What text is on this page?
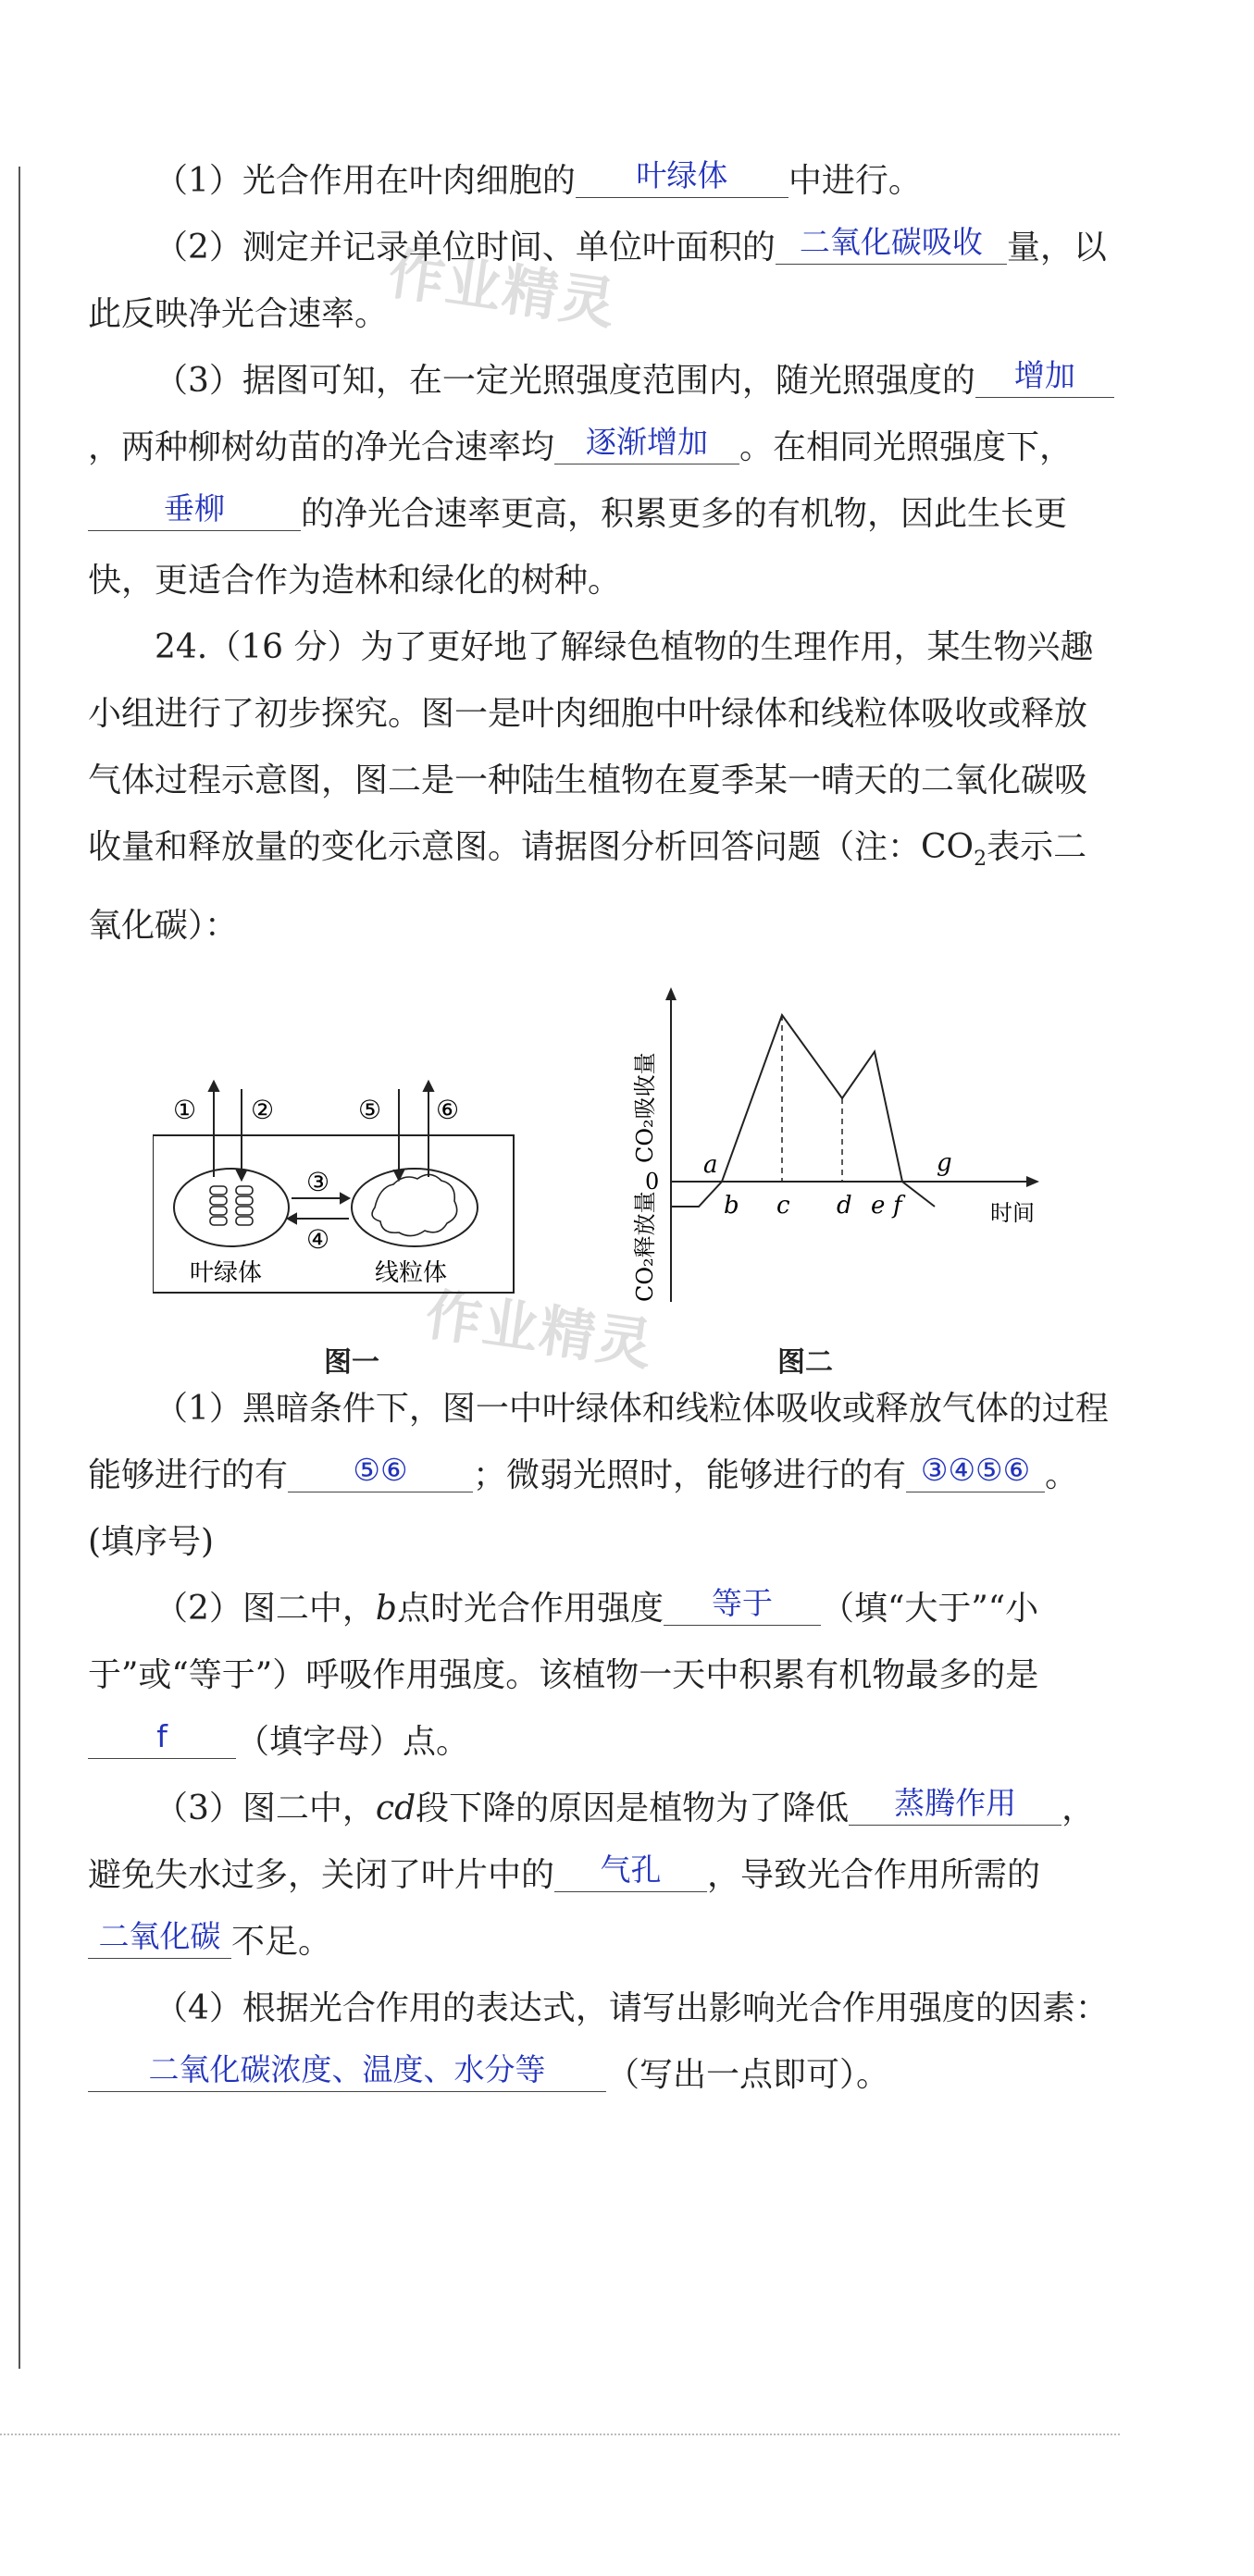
作业精灵
作业精灵

（1）光合作用在叶肉细胞的 叶绿体 中进行。

（2）测定并记录单位时间、单位叶面积的 二氧化碳吸收 量，以此反映净光合速率。

（3）据图可知，在一定光照强度范围内，随光照强度的 增加，两种柳树幼苗的净光合速率均 逐渐增加 。在相同光照强度下，垂柳 的净光合速率更高，积累更多的有机物，因此生长更快，更适合作为造林和绿化的树种。

24.（16 分）为了更好地了解绿色植物的生理作用，某生物兴趣小组进行了初步探究。图一是叶肉细胞中叶绿体和线粒体吸收或释放气体过程示意图，图二是一种陆生植物在夏季某一晴天的二氧化碳吸收量和释放量的变化示意图。请据图分析回答问题（注：$CO_2$表示二氧化碳）：

① ②
③
④
⑤ ⑥
叶绿体	线粒体
图一
CO₂吸收量
CO₂释放量
0
时间
a
b c d e f
g
图二

（1）黑暗条件下，图一中叶绿体和线粒体吸收或释放气体的过程能够进行的有 ⑤⑥ ；微弱光照时，能够进行的有 ③④⑤⑥ 。(填序号)

（2）图二中，b点时光合作用强度 等于 （填“大于”“小于”或“等于”）呼吸作用强度。该植物一天中积累有机物最多的是f （填字母）点。

（3）图二中，cd段下降的原因是植物为了降低 蒸腾作用 ，避免失水过多，关闭了叶片中的 气孔 ，导致光合作用所需的二氧化碳 不足。

（4）根据光合作用的表达式，请写出影响光合作用强度的因素：二氧化碳浓度、温度、水分等 （写出一点即可）。
